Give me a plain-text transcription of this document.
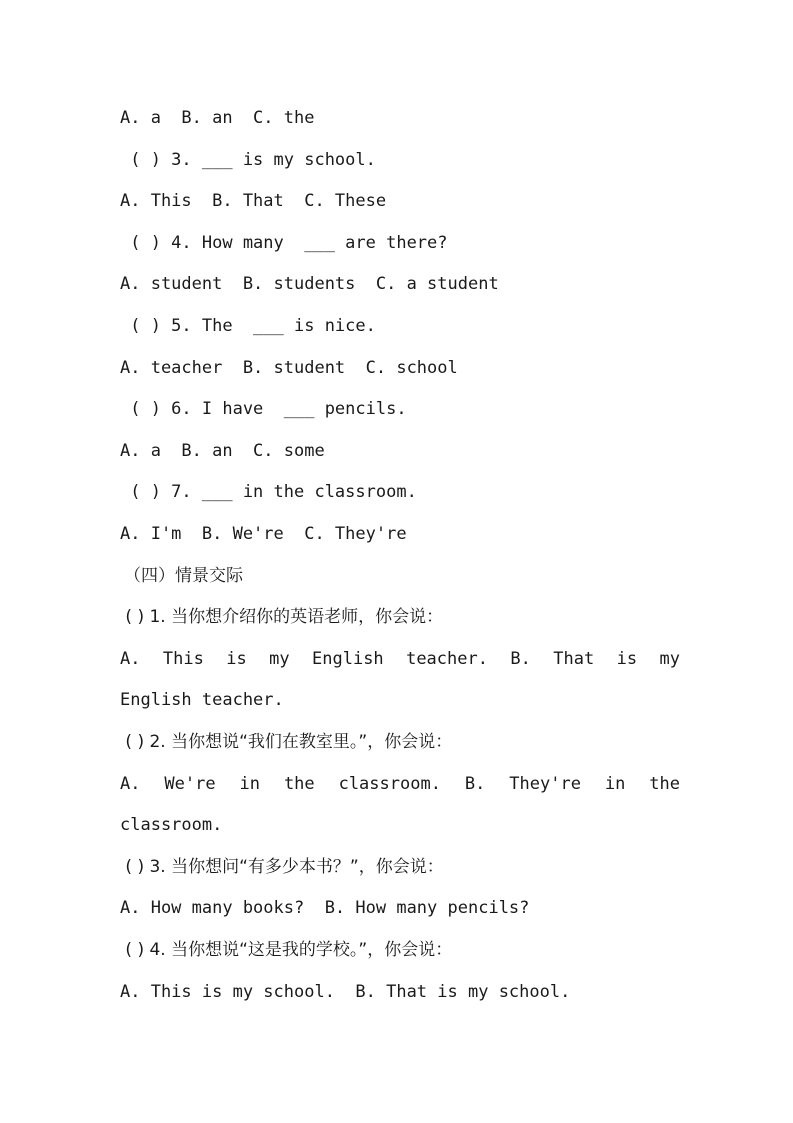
A. a  B. an  C. the
( ) 3. ___ is my school.
A. This  B. That  C. These
( ) 4. How many  ___ are there?
A. student  B. students  C. a student
( ) 5. The  ___ is nice.
A. teacher  B. student  C. school
( ) 6. I have  ___ pencils.
A. a  B. an  C. some
( ) 7. ___ in the classroom.
A. I'm  B. We're  C. They're
（四）情景交际
( ) 1. 当你想介绍你的英语老师，你会说：
A. This is my English teacher. B. That is my
English teacher.
( ) 2. 当你想说“我们在教室里。”，你会说：
A. We're in the classroom. B. They're in the
classroom.
( ) 3. 当你想问“有多少本书？”，你会说：
A. How many books?  B. How many pencils?
( ) 4. 当你想说“这是我的学校。”，你会说：
A. This is my school.  B. That is my school.
